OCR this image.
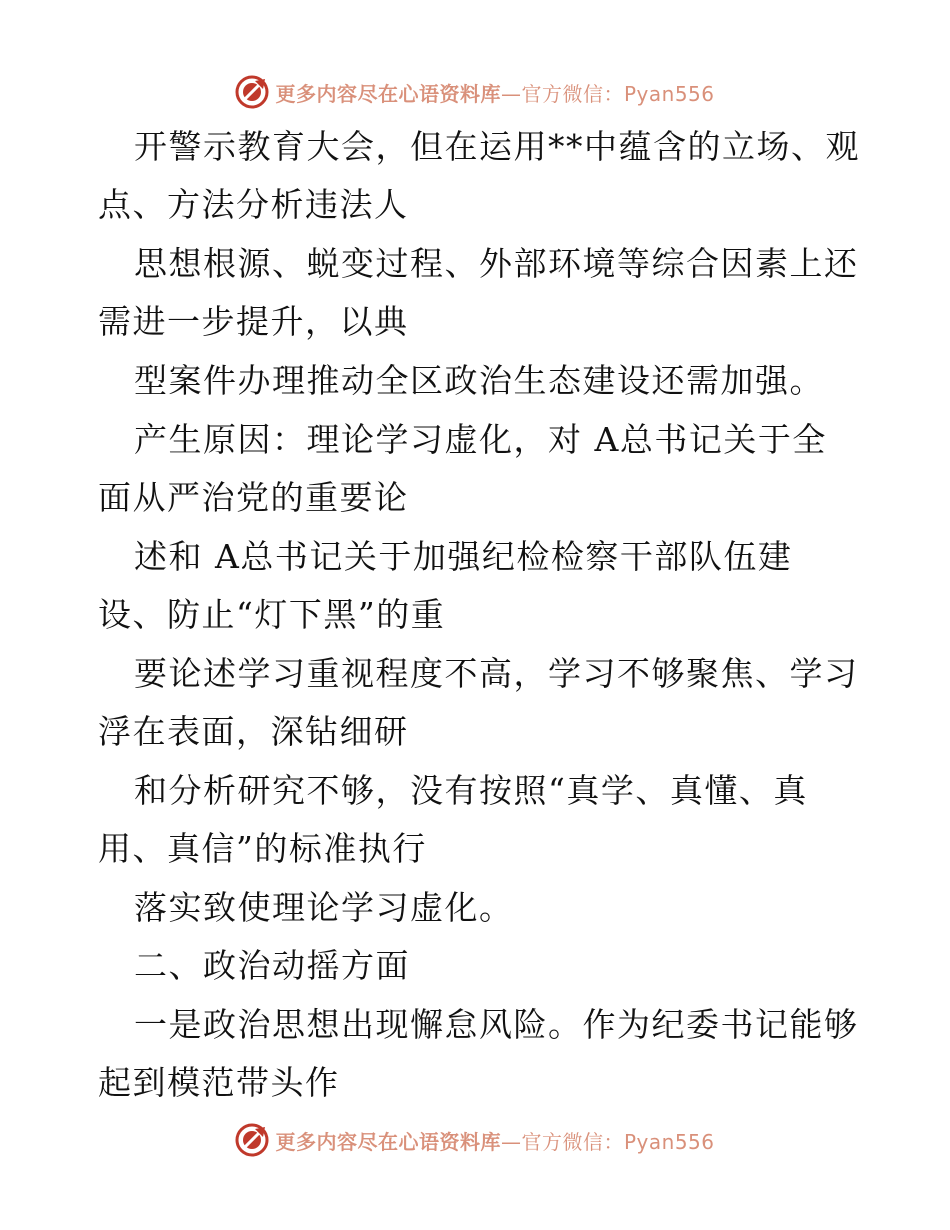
更多内容尽在心语资料库—官方微信：Pyan556
开警示教育大会，但在运用**中蕴含的立场、观
点、方法分析违法人
思想根源、蜕变过程、外部环境等综合因素上还
需进一步提升，以典
型案件办理推动全区政治生态建设还需加强。
产生原因：理论学习虚化，对 A总书记关于全
面从严治党的重要论
述和 A总书记关于加强纪检检察干部队伍建
设、防止“灯下黑”的重
要论述学习重视程度不高，学习不够聚焦、学习
浮在表面，深钻细研
和分析研究不够，没有按照“真学、真懂、真
用、真信”的标准执行
落实致使理论学习虚化。
二、政治动摇方面
一是政治思想出现懈怠风险。作为纪委书记能够
起到模范带头作
更多内容尽在心语资料库—官方微信：Pyan556
